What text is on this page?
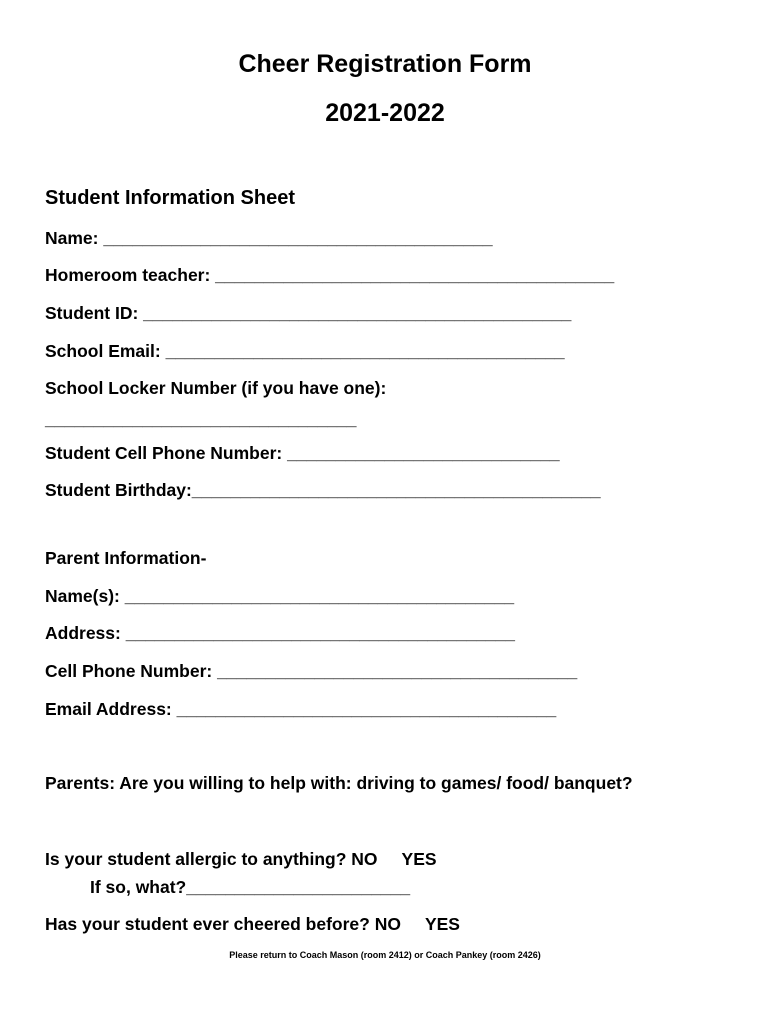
Cheer Registration Form
2021-2022
Student Information Sheet
Name: ________________________________________
Homeroom teacher: _________________________________________
Student ID: ____________________________________________
School Email: _________________________________________
School Locker Number (if you have one):
________________________________
Student Cell Phone Number: ____________________________
Student Birthday:__________________________________________
Parent Information-
Name(s): ________________________________________
Address: ________________________________________
Cell Phone Number: _____________________________________
Email Address: _______________________________________
Parents: Are you willing to help with: driving to games/ food/ banquet?
Is your student allergic to anything? NO YES
If so, what?_______________________
Has your student ever cheered before? NO YES
Please return to Coach Mason (room 2412) or Coach Pankey (room 2426)
